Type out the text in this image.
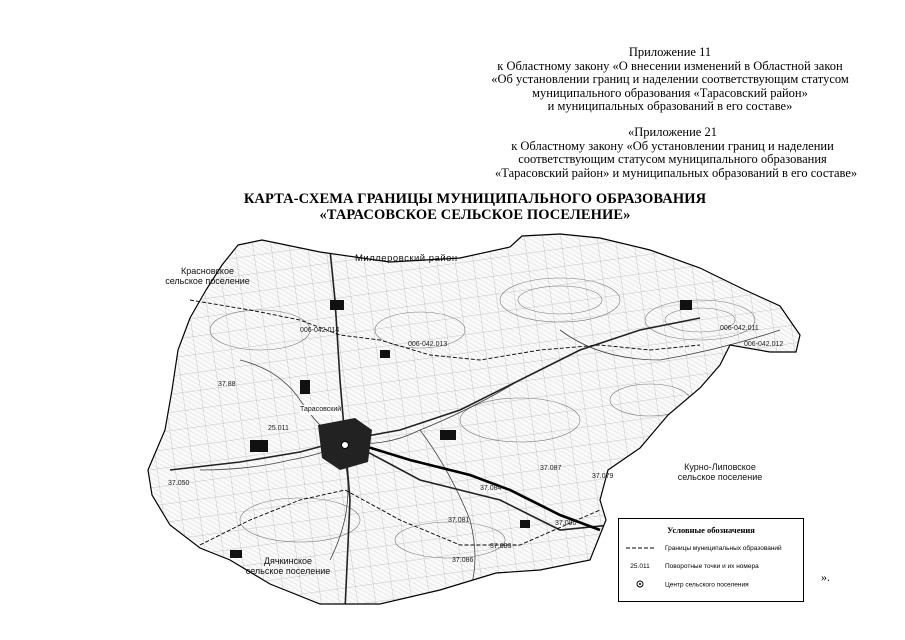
Приложение 11
к Областному закону «О внесении изменений в Областной закон
«Об установлении границ и наделении соответствующим статусом
муниципального образования «Тарасовский район»
и муниципальных образований в его составе»
«Приложение 21
к Областному закону «Об установлении границ и наделении
соответствующим статусом муниципального образования
«Тарасовский район» и муниципальных образований в его составе»
КАРТА-СХЕМА ГРАНИЦЫ МУНИЦИПАЛЬНОГО ОБРАЗОВАНИЯ
«ТАРАСОВСКОЕ СЕЛЬСКОЕ ПОСЕЛЕНИЕ»
37.88
37.050
37.084
37.081
37.083
37.086
37.087
37.079
37.090
25.011
006-042.014	006-042.011
006-042.013	006-042.012
Миллеровский район
Красновское
сельское поселение
Курно-Липовское
сельское поселение
Дячкинское
сельское поселение
Тарасовский
Условные обозначения
Границы муниципальных образований
25.011 Поворотные точки и их номера
Центр сельского поселения
».
